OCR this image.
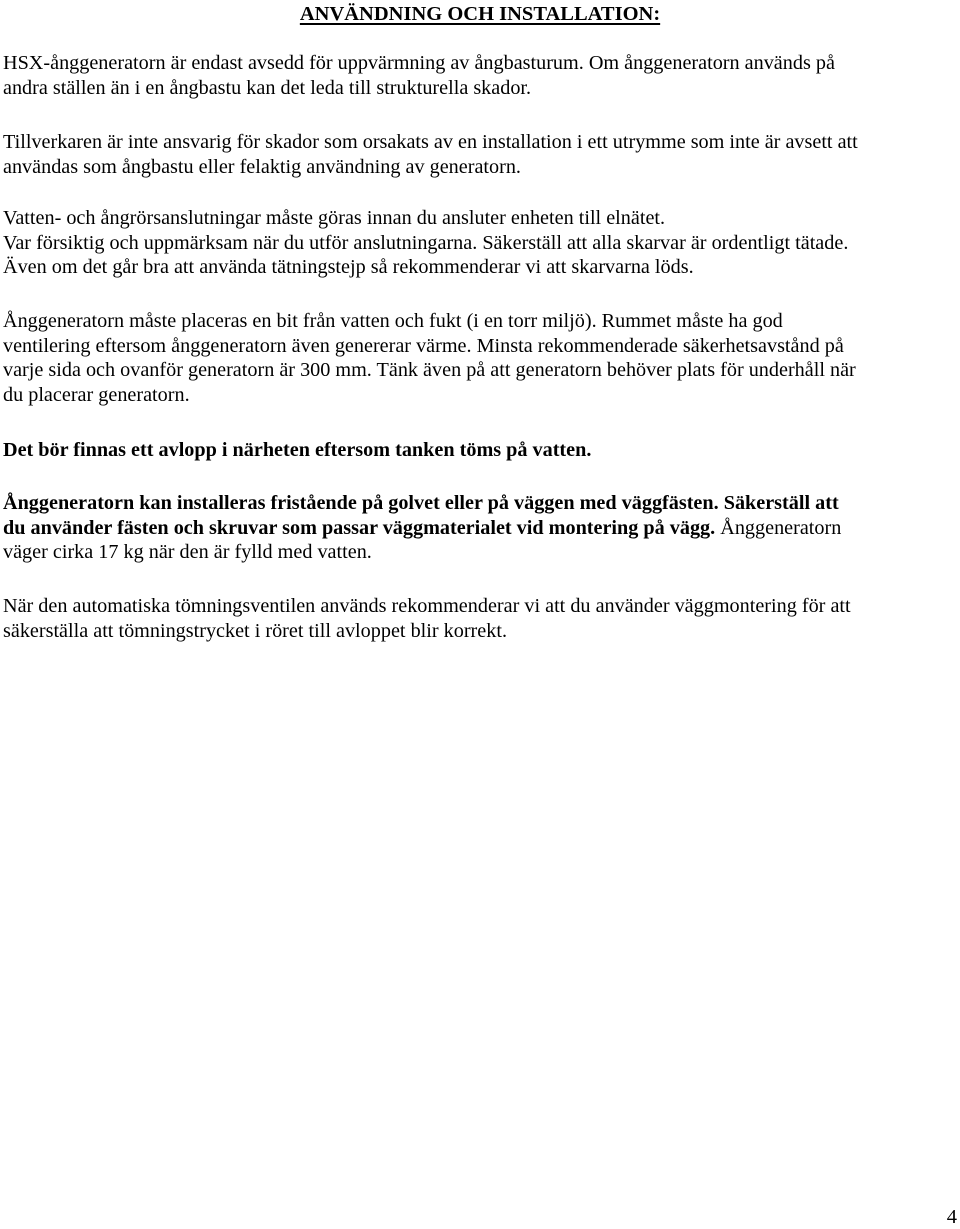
ANVÄNDNING OCH INSTALLATION:

HSX-ånggeneratorn är endast avsedd för uppvärmning av ångbasturum. Om ånggeneratorn används på
andra ställen än i en ångbastu kan det leda till strukturella skador.

Tillverkaren är inte ansvarig för skador som orsakats av en installation i ett utrymme som inte är avsett att
användas som ångbastu eller felaktig användning av generatorn.

Vatten- och ångrörsanslutningar måste göras innan du ansluter enheten till elnätet.
Var försiktig och uppmärksam när du utför anslutningarna. Säkerställ att alla skarvar är ordentligt tätade.
Även om det går bra att använda tätningstejp så rekommenderar vi att skarvarna löds.

Ånggeneratorn måste placeras en bit från vatten och fukt (i en torr miljö). Rummet måste ha god
ventilering eftersom ånggeneratorn även genererar värme. Minsta rekommenderade säkerhetsavstånd på
varje sida och ovanför generatorn är 300 mm. Tänk även på att generatorn behöver plats för underhåll när
du placerar generatorn.

Det bör finnas ett avlopp i närheten eftersom tanken töms på vatten.

Ånggeneratorn kan installeras fristående på golvet eller på väggen med väggfästen. Säkerställ att
du använder fästen och skruvar som passar väggmaterialet vid montering på vägg. Ånggeneratorn
väger cirka 17 kg när den är fylld med vatten.

När den automatiska tömningsventilen används rekommenderar vi att du använder väggmontering för att
säkerställa att tömningstrycket i röret till avloppet blir korrekt.

4
